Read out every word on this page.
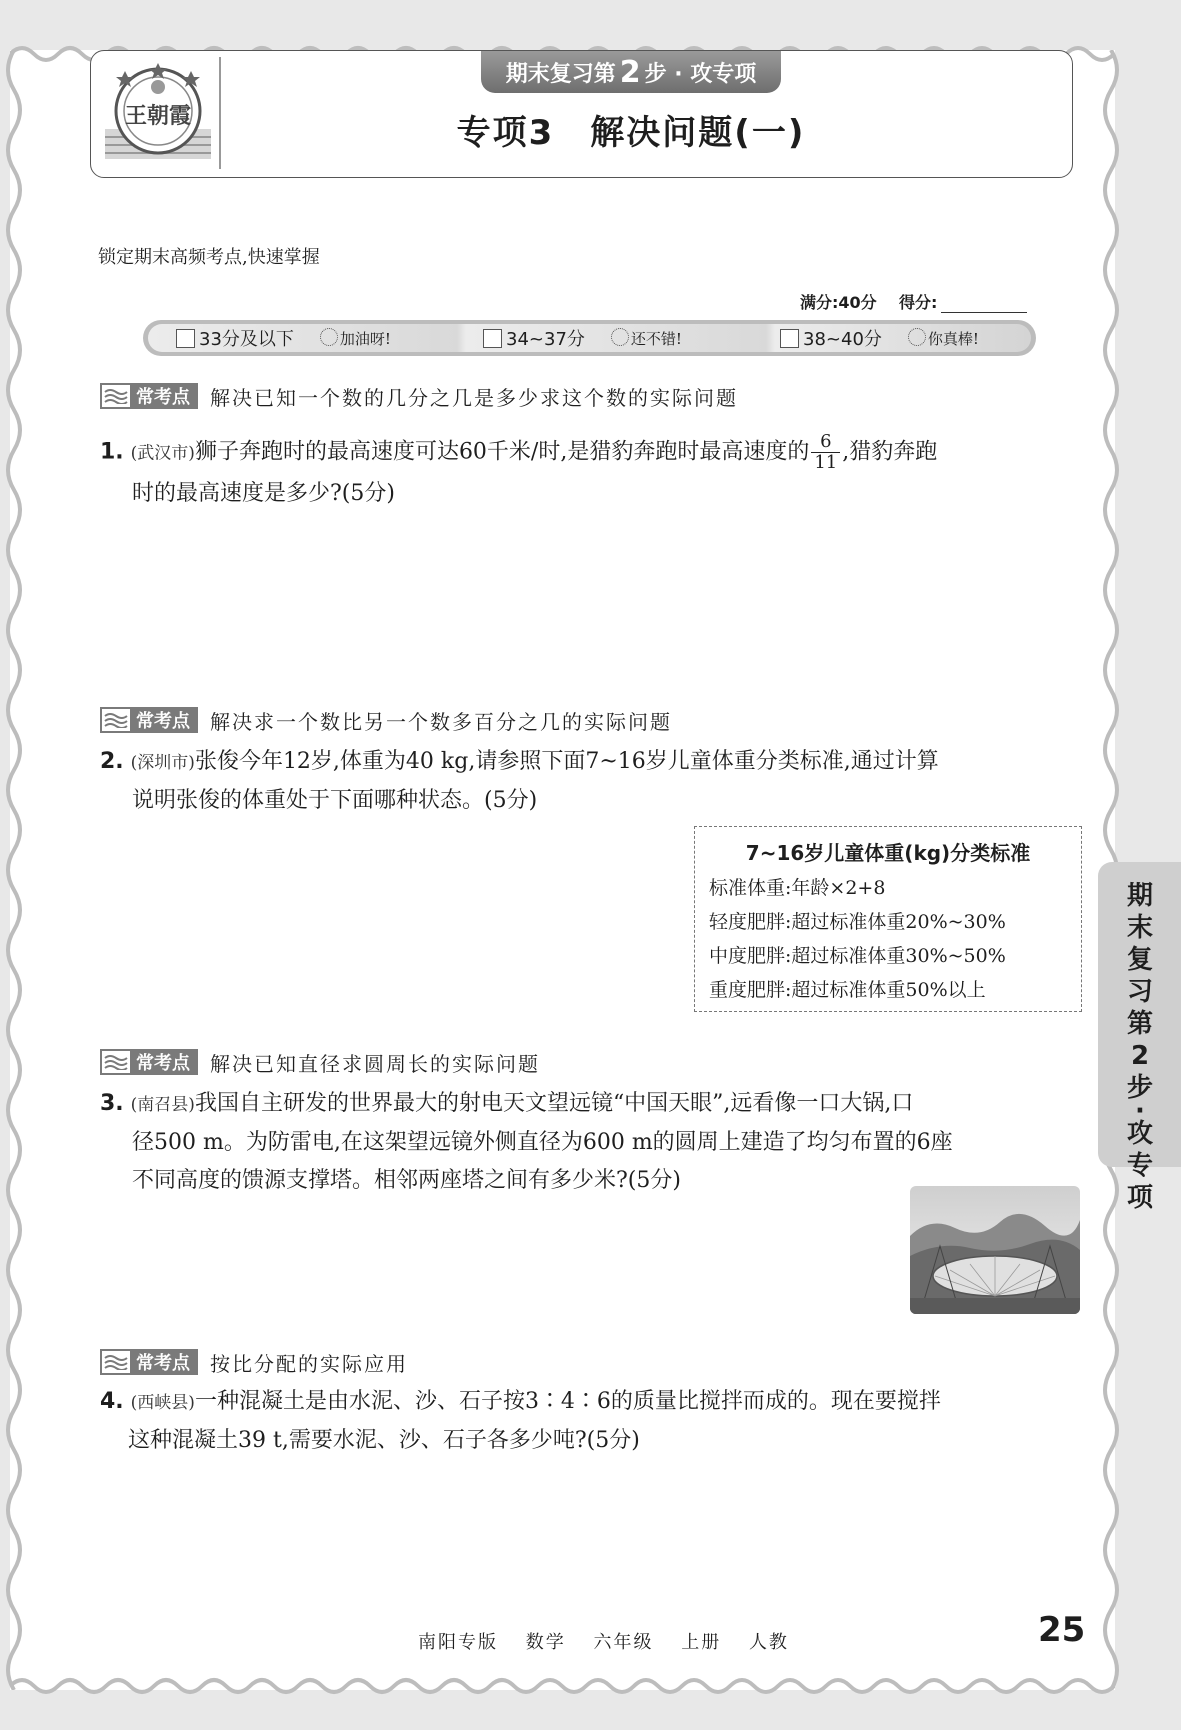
王朝霞
期末复习第 2 步 · 攻专项
专项3　解决问题(一)
锁定期末高频考点,快速掌握
满分:40分 得分:
33分及以下	加油呀!	34~37分	还不错!	38~40分	你真棒!
常考点 解决已知一个数的几分之几是多少求这个数的实际问题
1. (武汉市)狮子奔跑时的最高速度可达60千米/时,是猎豹奔跑时最高速度的 $\frac{6}{11}$ ,猎豹奔跑
时的最高速度是多少?(5分)
常考点 解决求一个数比另一个数多百分之几的实际问题
2. (深圳市)张俊今年12岁,体重为40 kg,请参照下面7~16岁儿童体重分类标准,通过计算
说明张俊的体重处于下面哪种状态。(5分)
7~16岁儿童体重(kg)分类标准
标准体重:年龄×2+8
轻度肥胖:超过标准体重20%~30%
中度肥胖:超过标准体重30%~50%
重度肥胖:超过标准体重50%以上
常考点 解决已知直径求圆周长的实际问题
3. (南召县)我国自主研发的世界最大的射电天文望远镜“中国天眼”,远看像一口大锅,口
径500 m。为防雷电,在这架望远镜外侧直径为600 m的圆周上建造了均匀布置的6座
不同高度的馈源支撑塔。相邻两座塔之间有多少米?(5分)
常考点 按比分配的实际应用
4. (西峡县)一种混凝土是由水泥、沙、石子按3∶4∶6的质量比搅拌而成的。现在要搅拌
这种混凝土39 t,需要水泥、沙、石子各多少吨?(5分)
期
末
复
习
第
2
步
·
攻
专
项
南阳专版 数学 六年级 上册 人教	25
